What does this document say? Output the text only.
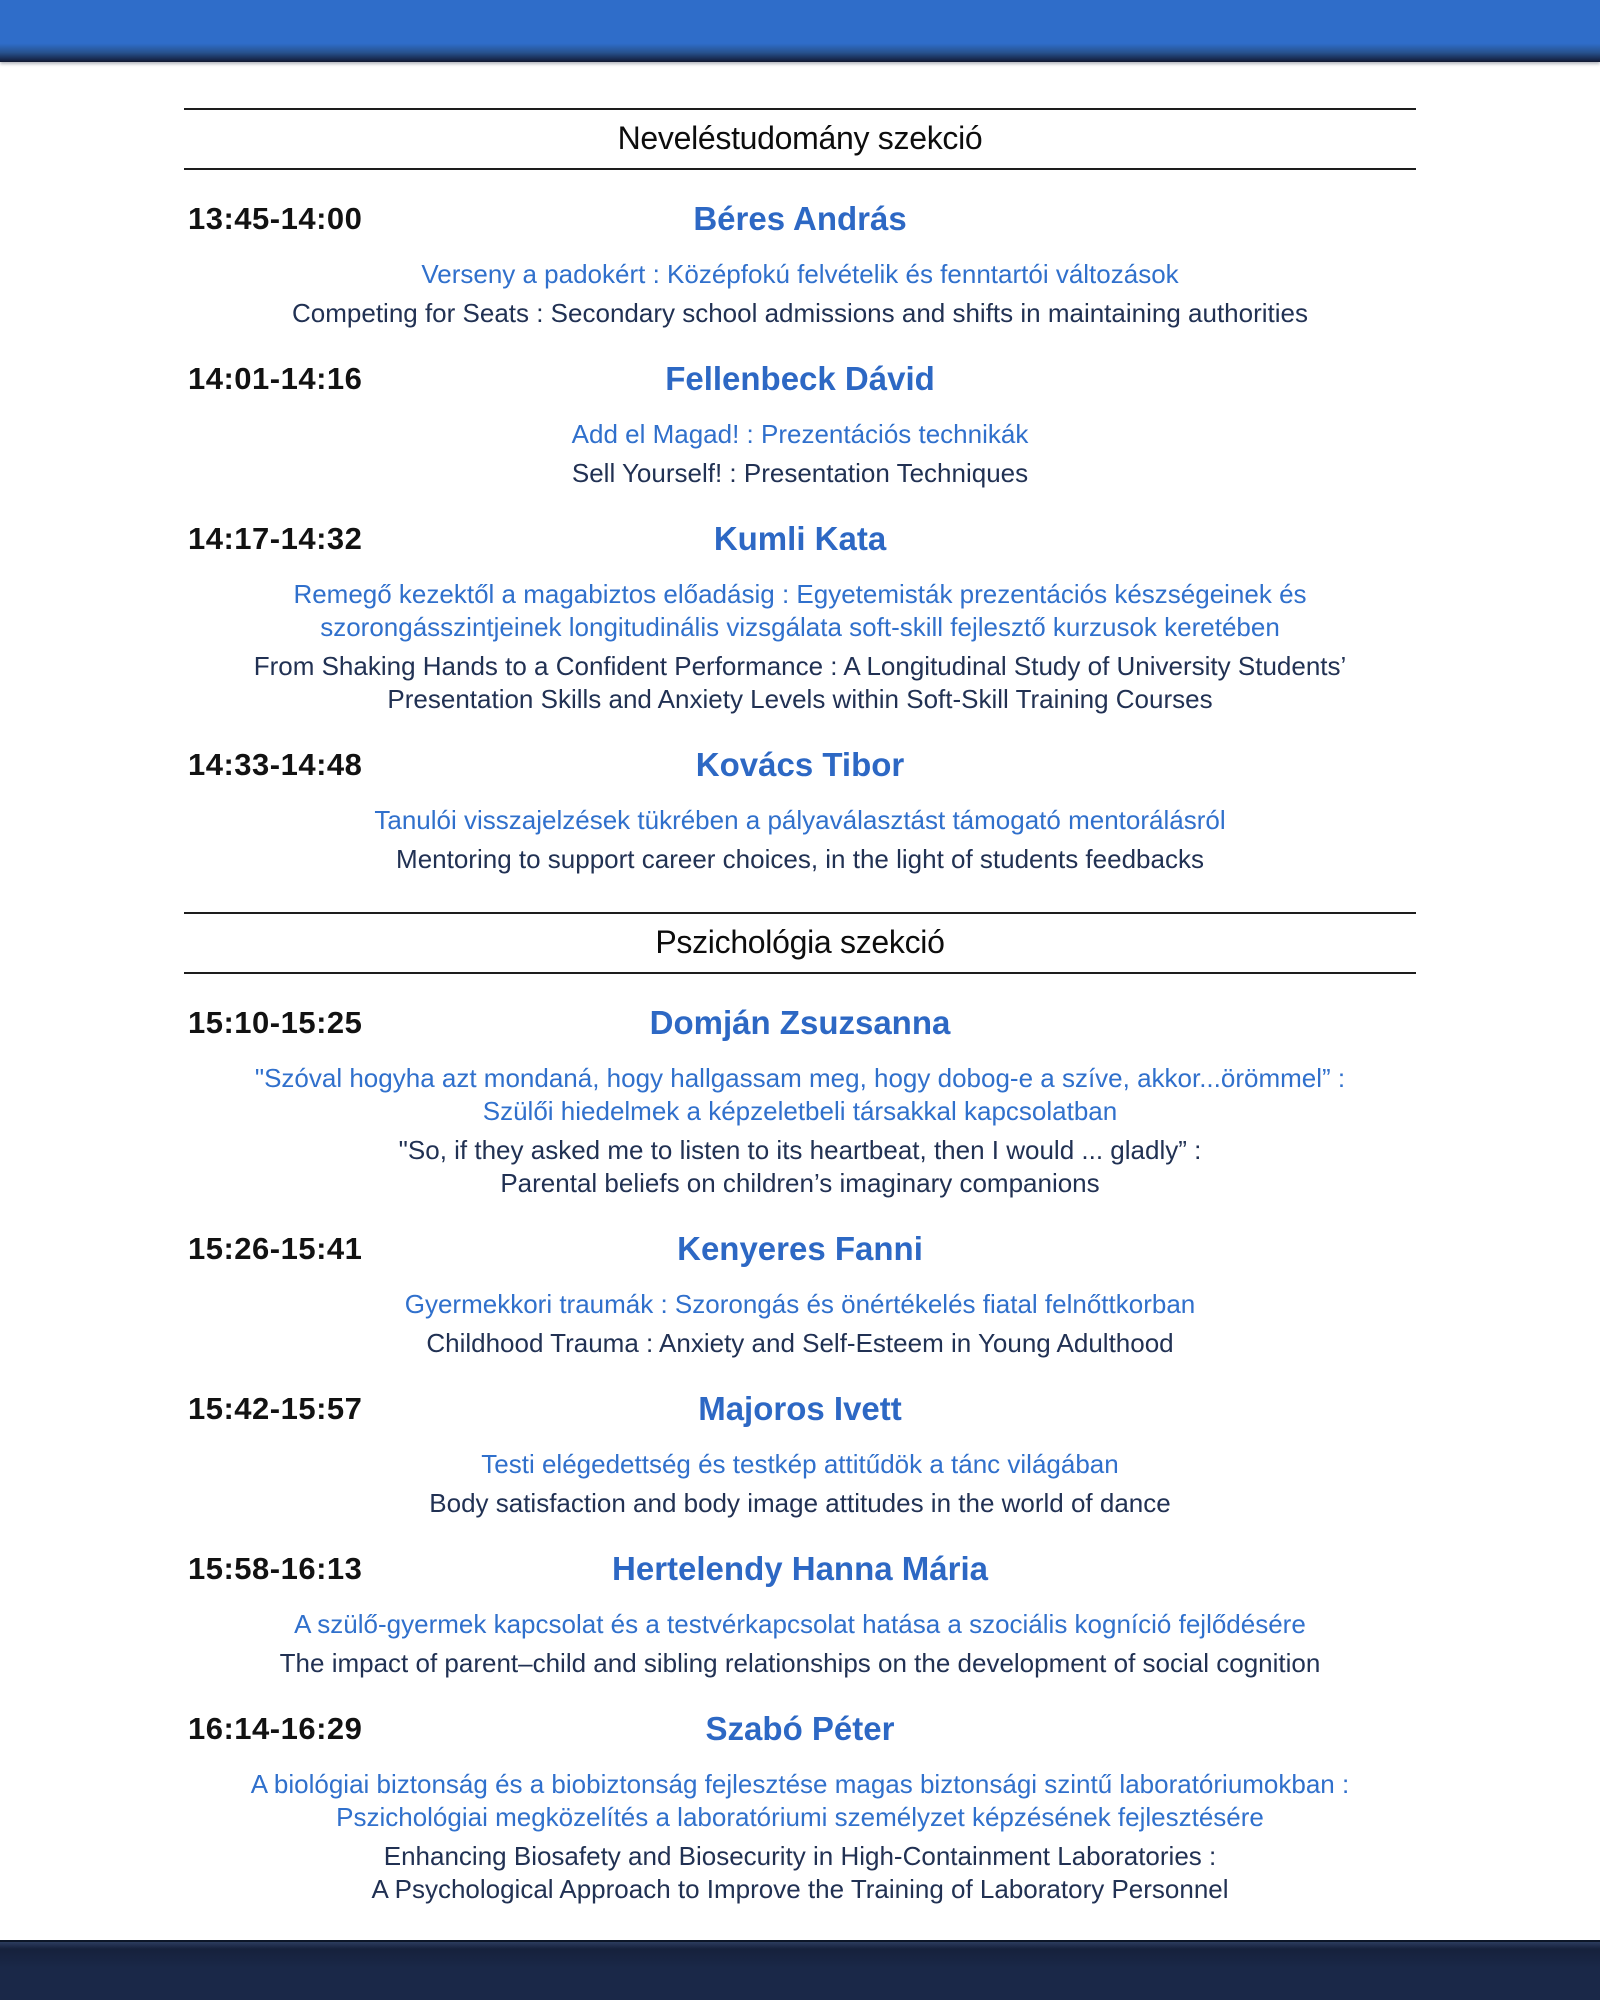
Neveléstudomány szekció
13:45-14:00	Béres András
Verseny a padokért : Középfokú felvételik és fenntartói változások
Competing for Seats : Secondary school admissions and shifts in maintaining authorities
14:01-14:16	Fellenbeck Dávid
Add el Magad! : Prezentációs technikák
Sell Yourself! : Presentation Techniques
14:17-14:32	Kumli Kata
Remegő kezektől a magabiztos előadásig : Egyetemisták prezentációs készségeinek és
szorongásszintjeinek longitudinális vizsgálata soft-skill fejlesztő kurzusok keretében
From Shaking Hands to a Confident Performance : A Longitudinal Study of University Students’
Presentation Skills and Anxiety Levels within Soft-Skill Training Courses
14:33-14:48	Kovács Tibor
Tanulói visszajelzések tükrében a pályaválasztást támogató mentorálásról
Mentoring to support career choices, in the light of students feedbacks
Pszichológia szekció
15:10-15:25	Domján Zsuzsanna
"Szóval hogyha azt mondaná, hogy hallgassam meg, hogy dobog-e a szíve, akkor...örömmel” :
Szülői hiedelmek a képzeletbeli társakkal kapcsolatban
"So, if they asked me to listen to its heartbeat, then I would ... gladly” :
Parental beliefs on children’s imaginary companions
15:26-15:41	Kenyeres Fanni
Gyermekkori traumák : Szorongás és önértékelés fiatal felnőttkorban
Childhood Trauma : Anxiety and Self-Esteem in Young Adulthood
15:42-15:57	Majoros Ivett
Testi elégedettség és testkép attitűdök a tánc világában
Body satisfaction and body image attitudes in the world of dance
15:58-16:13	Hertelendy Hanna Mária
A szülő-gyermek kapcsolat és a testvérkapcsolat hatása a szociális kogníció fejlődésére
The impact of parent–child and sibling relationships on the development of social cognition
16:14-16:29	Szabó Péter
A biológiai biztonság és a biobiztonság fejlesztése magas biztonsági szintű laboratóriumokban :
Pszichológiai megközelítés a laboratóriumi személyzet képzésének fejlesztésére
Enhancing Biosafety and Biosecurity in High-Containment Laboratories :
A Psychological Approach to Improve the Training of Laboratory Personnel
